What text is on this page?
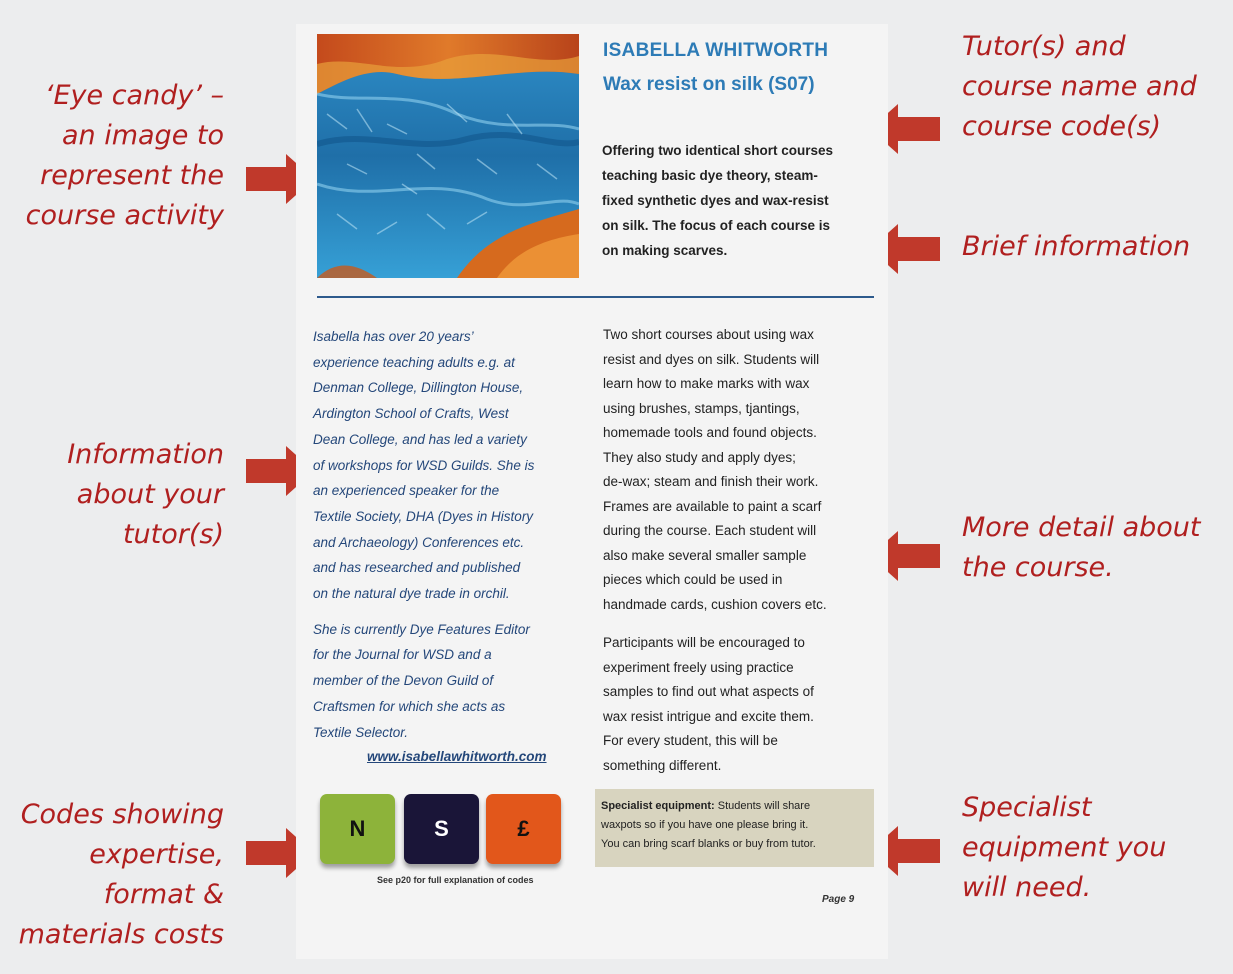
‘Eye candy’ –
an image to
represent the
course activity
Information
about your
tutor(s)
Codes showing
expertise,
format &
materials costs
Tutor(s) and
course name and
course code(s)
Brief information
More detail about
the course.
Specialist
equipment you
will need.
ISABELLA WHITWORTH
Wax resist on silk (S07)
Offering two identical short courses
teaching basic dye theory, steam-
fixed synthetic dyes and wax-resist
on silk. The focus of each course is
on making scarves.

Isabella has over 20 years’
experience teaching adults e.g. at
Denman College, Dillington House,
Ardington School of Crafts, West
Dean College, and has led a variety
of workshops for WSD Guilds. She is
an experienced speaker for the
Textile Society, DHA (Dyes in History
and Archaeology) Conferences etc.
and has researched and published
on the natural dye trade in orchil.

She is currently Dye Features Editor
for the Journal for WSD and a
member of the Devon Guild of
Craftsmen for which she acts as
Textile Selector.

www.isabellawhitworth.com

Two short courses about using wax
resist and dyes on silk. Students will
learn how to make marks with wax
using brushes, stamps, tjantings,
homemade tools and found objects.
They also study and apply dyes;
de-wax; steam and finish their work.
Frames are available to paint a scarf
during the course. Each student will
also make several smaller sample
pieces which could be used in
handmade cards, cushion covers etc.

Participants will be encouraged to
experiment freely using practice
samples to find out what aspects of
wax resist intrigue and excite them.
For every student, this will be
something different.

Specialist equipment: Students will share
waxpots so if you have one please bring it.
You can bring scarf blanks or buy from tutor.
N	S	£
See p20 for full explanation of codes
Page 9
